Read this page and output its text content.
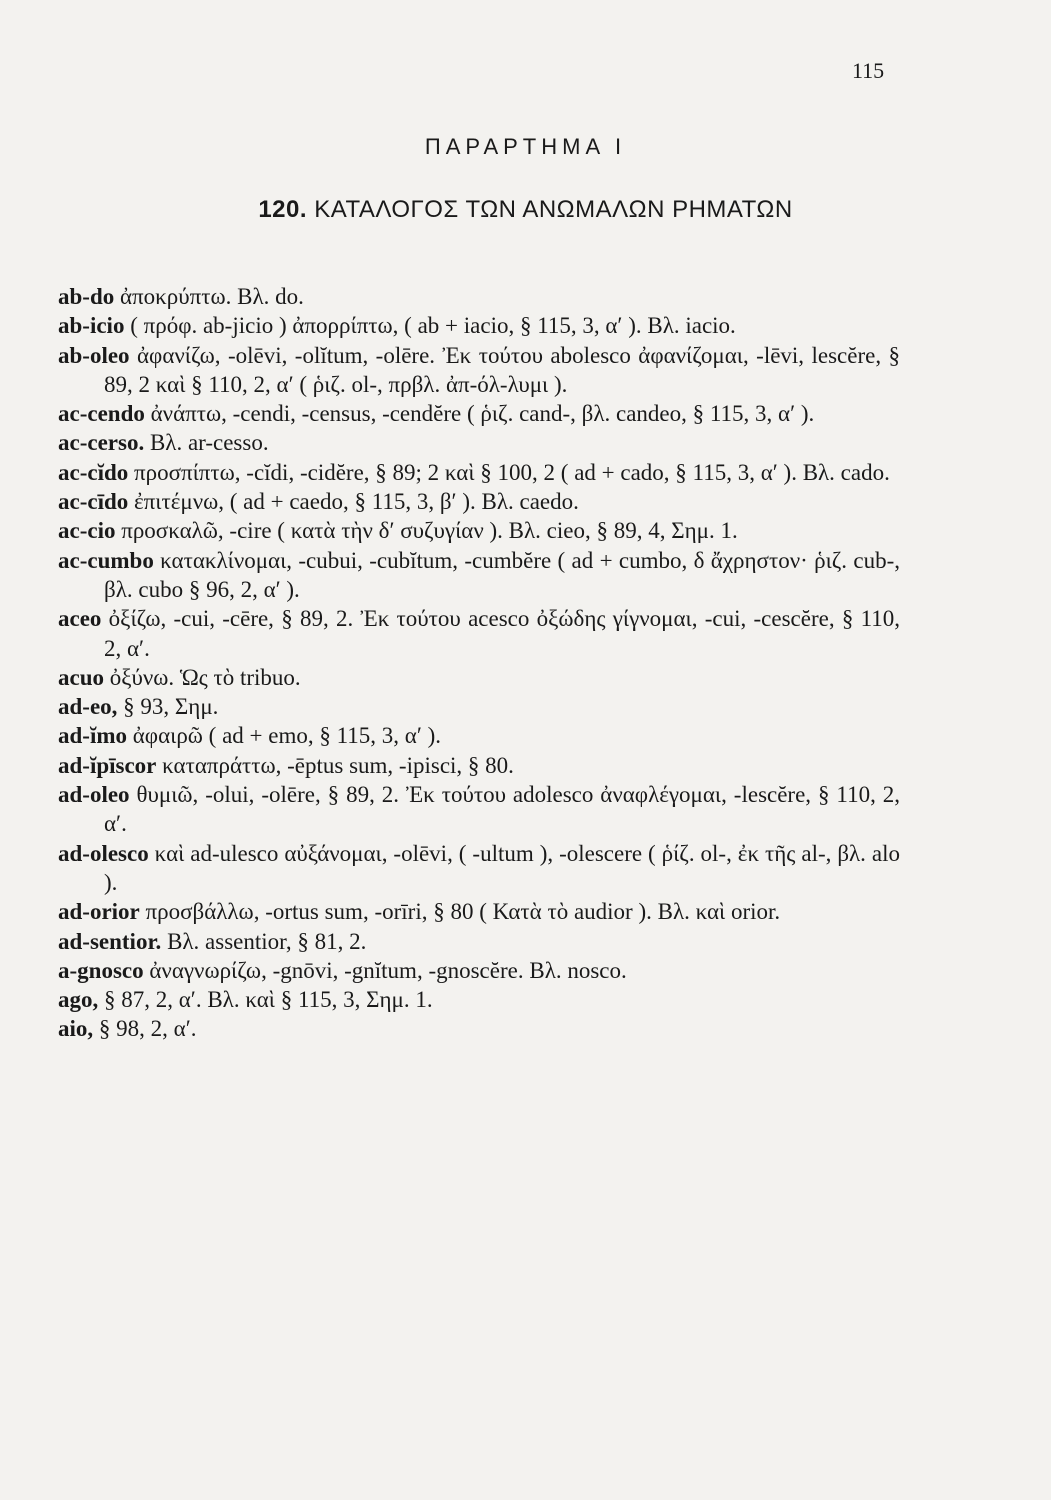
115
ΠΑΡΑΡΤΗΜΑ Ι
120. ΚΑΤΑΛΟΓΟΣ ΤΩΝ ΑΝΩΜΑΛΩΝ ΡΗΜΑΤΩΝ

ab-do ἀποκρύπτω. Βλ. do.

ab-icio ( πρόφ. ab-jicio ) ἀπορρίπτω, ( ab + iacio, § 115, 3, α′ ). Βλ. iacio.

ab-oleo ἀφανίζω, -olēvi, -olĭtum, -olēre. Ἐκ τούτου abolesco ἀφανίζομαι, -lēvi, lescĕre, § 89, 2 καὶ § 110, 2, α′ ( ῥιζ. ol-, πρβλ. ἀπ-όλ-λυμι ).

ac-cendo ἀνάπτω, -cendi, -census, -cendĕre ( ῥιζ. cand-, βλ. candeo, § 115, 3, α′ ).

ac-cerso. Βλ. ar-cesso.

ac-cĭdo προσπίπτω, -cĭdi, -cidĕre, § 89; 2 καὶ § 100, 2 ( ad + cado, § 115, 3, α′ ). Βλ. cado.

ac-cīdo ἐπιτέμνω, ( ad + caedo, § 115, 3, β′ ). Βλ. caedo.

ac-cio προσκαλῶ, -cire ( κατὰ τὴν δ′ συζυγίαν ). Βλ. cieo, § 89, 4, Σημ. 1.

ac-cumbo κατακλίνομαι, -cubui, -cubĭtum, -cumbĕre ( ad + cumbo, δ ἄχρηστον· ῥιζ. cub-, βλ. cubo § 96, 2, α′ ).

aceo ὀξίζω, -cui, -cēre, § 89, 2. Ἐκ τούτου acesco ὀξώδης γίγνομαι, -cui, -cescĕre, § 110, 2, α′.

acuo ὀξύνω. Ὡς τὸ tribuo.

ad-eo, § 93, Σημ.

ad-ĭmo ἀφαιρῶ ( ad + emo, § 115, 3, α′ ).

ad-ĭpīscor καταπράττω, -ēptus sum, -ipisci, § 80.

ad-oleo θυμιῶ, -olui, -olēre, § 89, 2. Ἐκ τούτου adolesco ἀναφλέγομαι, -lescĕre, § 110, 2, α′.

ad-olesco καὶ ad-ulesco αὐξάνομαι, -olēvi, ( -ultum ), -olescere ( ῥίζ. ol-, ἐκ τῆς al-, βλ. alo ).

ad-orior προσβάλλω, -ortus sum, -orīri, § 80 ( Κατὰ τὸ audior ). Βλ. καὶ orior.

ad-sentior. Βλ. assentior, § 81, 2.

a-gnosco ἀναγνωρίζω, -gnōvi, -gnĭtum, -gnoscĕre. Βλ. nosco.

ago, § 87, 2, α′. Βλ. καὶ § 115, 3, Σημ. 1.

aio, § 98, 2, α′.
